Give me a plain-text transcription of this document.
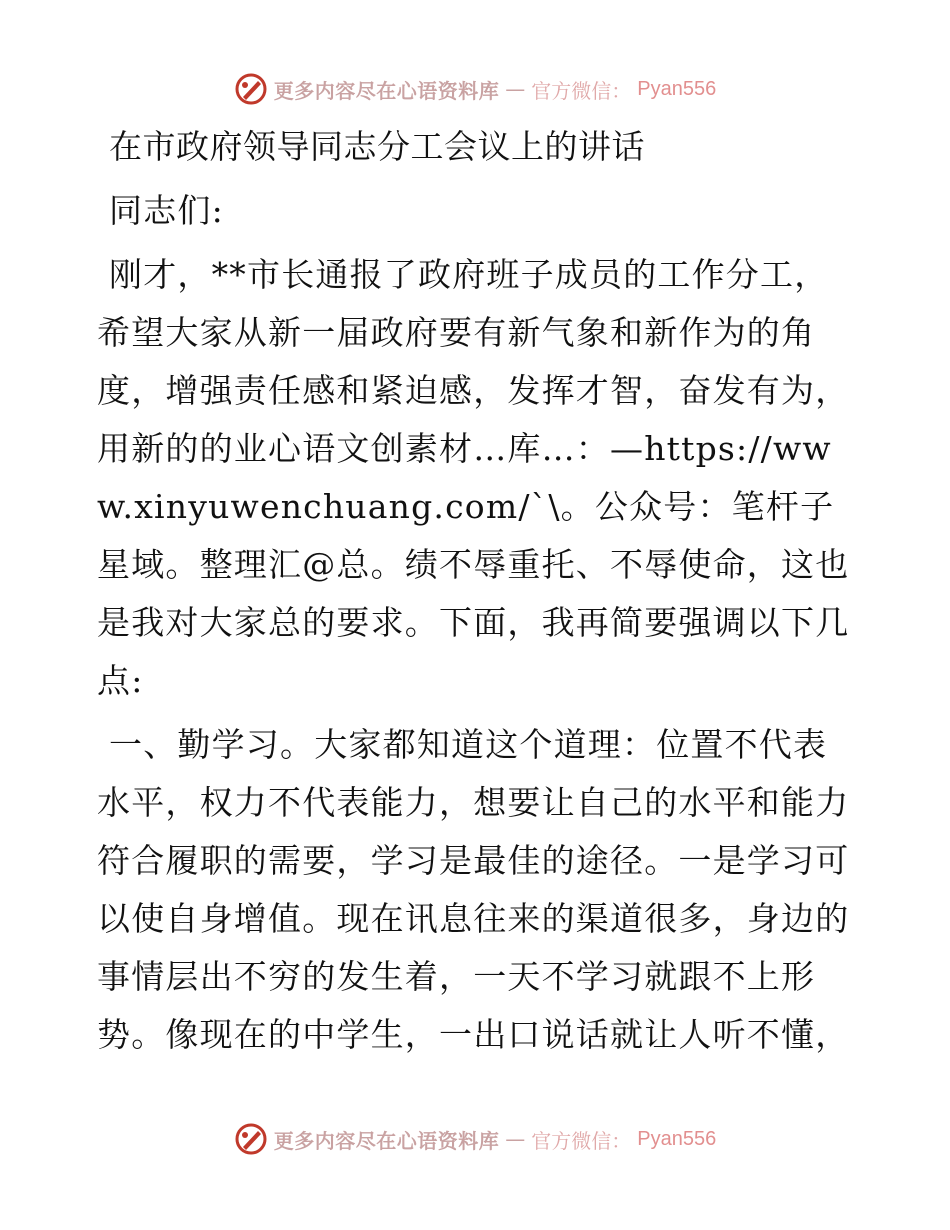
更多内容尽在心语资料库 — 官方微信： Pyan556
在市政府领导同志分工会议上的讲话

同志们:

刚才，**市长通报了政府班子成员的工作分工，希望大家从新一届政府要有新气象和新作为的角度，增强责任感和紧迫感，发挥才智，奋发有为，用新的的业心语文创素材…库…：—https://www.xinyuwenchuang.com/`\。公众号：笔杆子星域。整理汇@总。绩不辱重托、不辱使命，这也是我对大家总的要求。下面，我再简要强调以下几点:

一、勤学习。大家都知道这个道理：位置不代表水平，权力不代表能力，想要让自己的水平和能力符合履职的需要，学习是最佳的途径。一是学习可以使自身增值。现在讯息往来的渠道很多，身边的事情层出不穷的发生着，一天不学习就跟不上形势。像现在的中学生，一出口说话就让人听不懂，

更多内容尽在心语资料库 — 官方微信： Pyan556
